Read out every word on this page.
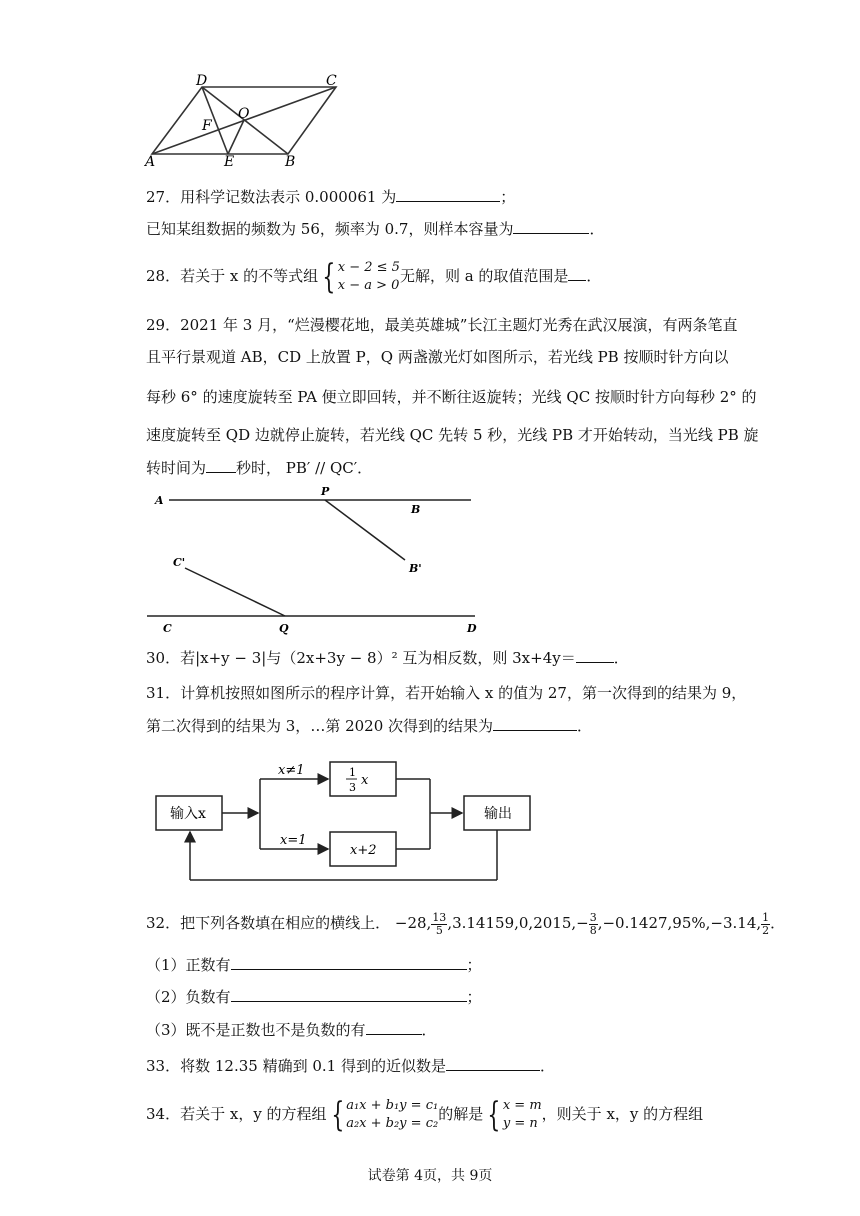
D	C
O
F
A	E	B
27．用科学记数法表示 0.000061 为	；
已知某组数据的频数为 56，频率为 0.7，则样本容量为	．
28．若关于 x 的不等式组 { x − 2 ≤ 5
x − a > 0
无解，则 a 的取值范围是 ．
29．2021 年 3 月，“烂漫樱花地，最美英雄城”长江主题灯光秀在武汉展演，有两条笔直
且平行景观道 AB，CD 上放置 P，Q 两盏激光灯如图所示，若光线 PB 按顺时针方向以
每秒 6° 的速度旋转至 PA 便立即回转，并不断往返旋转；光线 QC 按顺时针方向每秒 2° 的
速度旋转至 QD 边就停止旋转，若光线 QC 先转 5 秒，光线 PB 才开始转动，当光线 PB 旋
转时间为 秒时， PB′ // QC′．
A
P
B
B'
C'
C	Q	D
30．若|x+y − 3|与（2x+3y − 8）² 互为相反数，则 3x+4y＝	．
31．计算机按照如图所示的程序计算，若开始输入 x 的值为 27，第一次得到的结果为 9，
第二次得到的结果为 3，…第 2020 次得到的结果为	．
输入x	输出
x≠1
x=1
1
3 x
x+2
32．把下列各数填在相应的横线上． −28, $\frac{13}{5} ,3.14159,0,2015,- \frac{3}{8} ,-0.1427,95\%,-3.14$, $\frac{1}{2}$ ．
（1）正数有	；
（2）负数有	；
（3）既不是正数也不是负数的有	．
33．将数 12.35 精确到 0.1 得到的近似数是	．
34．若关于 x，y 的方程组 { a₁x + b₁y = c₁
a₂x + b₂y = c₂
的解是 { x = m
y = n
，则关于 x，y 的方程组
试卷第 4页，共 9页
